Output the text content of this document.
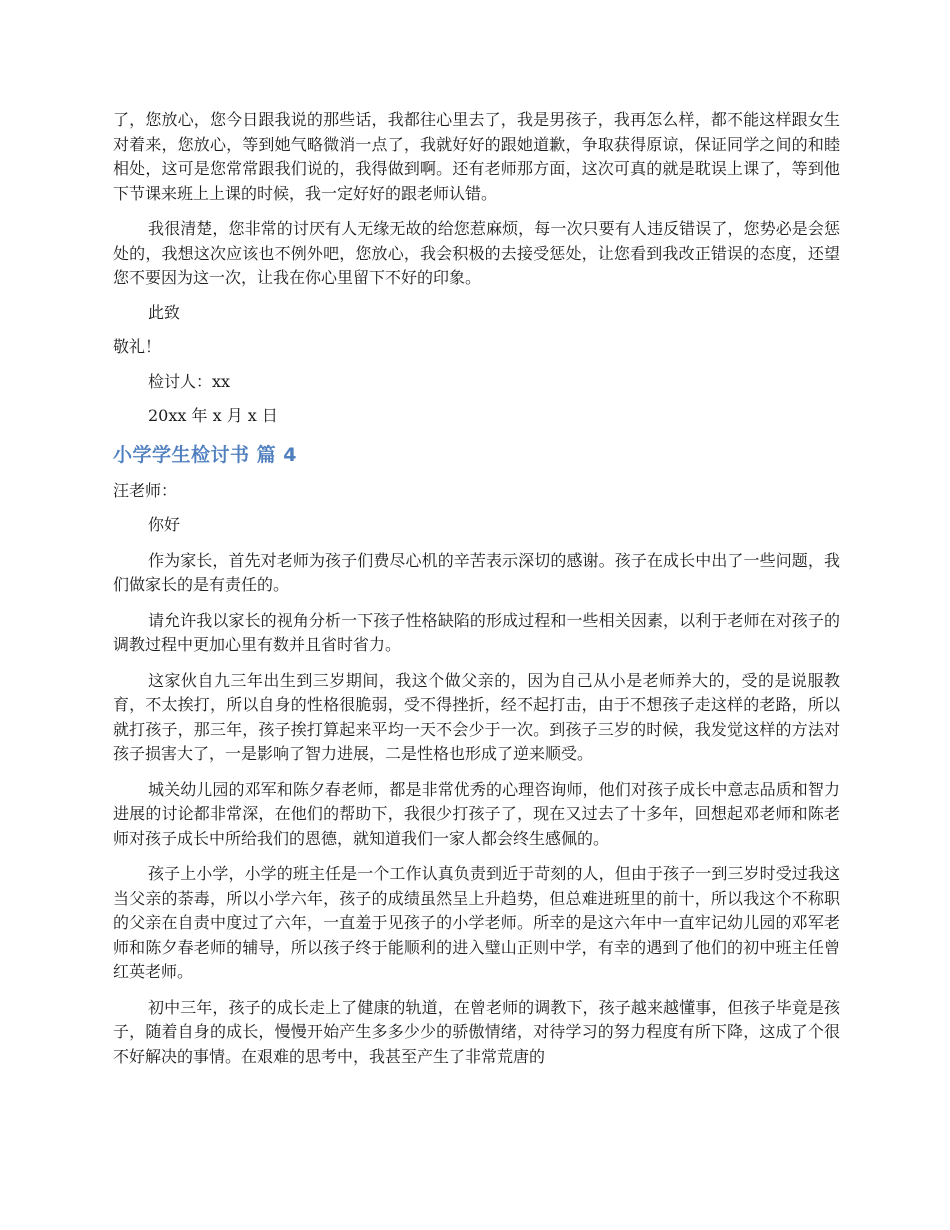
了，您放心，您今日跟我说的那些话，我都往心里去了，我是男孩子，我再怎么样，都不能这样跟女生对着来，您放心，等到她气略微消一点了，我就好好的跟她道歉，争取获得原谅，保证同学之间的和睦相处，这可是您常常跟我们说的，我得做到啊。还有老师那方面，这次可真的就是耽误上课了，等到他下节课来班上上课的时候，我一定好好的跟老师认错。

我很清楚，您非常的讨厌有人无缘无故的给您惹麻烦，每一次只要有人违反错误了，您势必是会惩处的，我想这次应该也不例外吧，您放心，我会积极的去接受惩处，让您看到我改正错误的态度，还望您不要因为这一次，让我在你心里留下不好的印象。

此致

敬礼！

检讨人：xx

20xx 年 x 月 x 日

小学学生检讨书 篇 4

汪老师：

你好

作为家长，首先对老师为孩子们费尽心机的辛苦表示深切的感谢。孩子在成长中出了一些问题，我们做家长的是有责任的。

请允许我以家长的视角分析一下孩子性格缺陷的形成过程和一些相关因素，以利于老师在对孩子的调教过程中更加心里有数并且省时省力。

这家伙自九三年出生到三岁期间，我这个做父亲的，因为自己从小是老师养大的，受的是说服教育，不太挨打，所以自身的性格很脆弱，受不得挫折，经不起打击，由于不想孩子走这样的老路，所以就打孩子，那三年，孩子挨打算起来平均一天不会少于一次。到孩子三岁的时候，我发觉这样的方法对孩子损害大了，一是影响了智力进展，二是性格也形成了逆来顺受。

城关幼儿园的邓军和陈夕春老师，都是非常优秀的心理咨询师，他们对孩子成长中意志品质和智力进展的讨论都非常深，在他们的帮助下，我很少打孩子了，现在又过去了十多年，回想起邓老师和陈老师对孩子成长中所给我们的恩德，就知道我们一家人都会终生感佩的。

孩子上小学，小学的班主任是一个工作认真负责到近于苛刻的人，但由于孩子一到三岁时受过我这当父亲的荼毒，所以小学六年，孩子的成绩虽然呈上升趋势，但总难进班里的前十，所以我这个不称职的父亲在自责中度过了六年，一直羞于见孩子的小学老师。所幸的是这六年中一直牢记幼儿园的邓军老师和陈夕春老师的辅导，所以孩子终于能顺利的进入璧山正则中学，有幸的遇到了他们的初中班主任曾红英老师。

初中三年，孩子的成长走上了健康的轨道，在曾老师的调教下，孩子越来越懂事，但孩子毕竟是孩子，随着自身的成长，慢慢开始产生多多少少的骄傲情绪，对待学习的努力程度有所下降，这成了个很不好解决的事情。在艰难的思考中，我甚至产生了非常荒唐的
